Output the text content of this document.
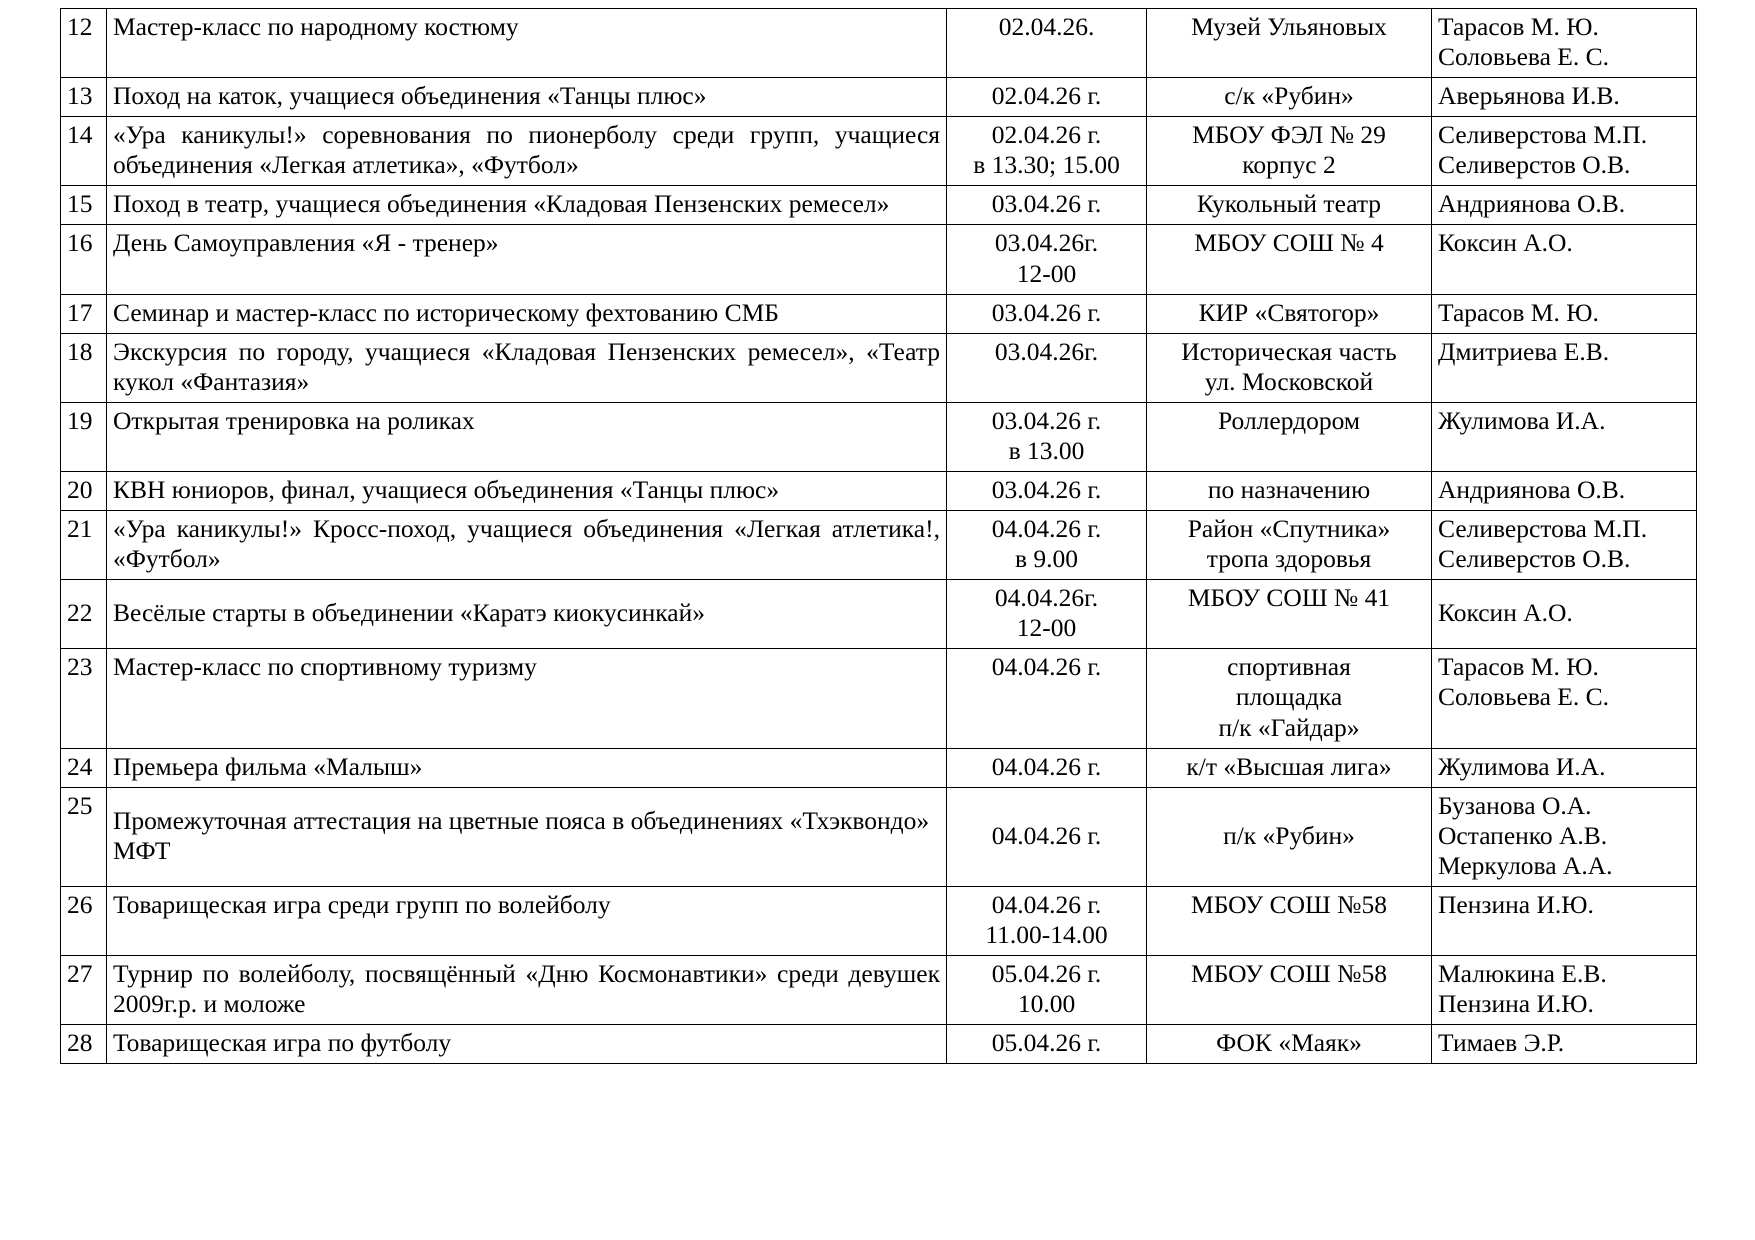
12	Мастер-класс по народному костюму	02.04.26.	Музей Ульяновых	Тарасов М. Ю.
Соловьева Е. С.

13	Поход на каток, учащиеся объединения «Танцы плюс»	02.04.26 г.	с/к «Рубин»	Аверьянова И.В.

14	«Ура каникулы!» соревнования по пионерболу среди групп, учащиеся объединения «Легкая атлетика», «Футбол»	02.04.26 г.
в 13.30; 15.00	МБОУ ФЭЛ № 29
корпус 2	Селиверстова М.П.
Селиверстов О.В.

15	Поход в театр, учащиеся объединения «Кладовая Пензенских ремесел»	03.04.26 г.	Кукольный театр	Андриянова О.В.

16	День Самоуправления «Я - тренер»	03.04.26г.
12-00	МБОУ СОШ № 4	Коксин А.О.

17	Семинар и мастер-класс по историческому фехтованию СМБ	03.04.26 г.	КИР «Святогор»	Тарасов М. Ю.

18	Экскурсия по городу, учащиеся «Кладовая Пензенских ремесел», «Театр кукол «Фантазия»	03.04.26г.	Историческая часть
ул. Московской	Дмитриева Е.В.

19	Открытая тренировка на роликах	03.04.26 г.
в 13.00	Роллердором	Жулимова И.А.

20	КВН юниоров, финал, учащиеся объединения «Танцы плюс»	03.04.26 г.	по назначению	Андриянова О.В.

21	«Ура каникулы!» Кросс-поход, учащиеся объединения «Легкая атлетика!, «Футбол»	04.04.26 г.
в 9.00	Район «Спутника»
тропа здоровья	Селиверстова М.П.
Селиверстов О.В.

22	Весёлые старты в объединении «Каратэ киокусинкай»	04.04.26г.
12-00	МБОУ СОШ № 41	Коксин А.О.

23	Мастер-класс по спортивному туризму	04.04.26 г.	спортивная
площадка
п/к «Гайдар»	Тарасов М. Ю.
Соловьева Е. С.

24	Премьера фильма «Малыш»	04.04.26 г.	к/т «Высшая лига»	Жулимова И.А.

25	Промежуточная аттестация на цветные пояса в объединениях «Тхэквондо» МФТ	04.04.26 г.	п/к «Рубин»	Бузанова О.А.
Остапенко А.В.
Меркулова А.А.

26	Товарищеская игра среди групп по волейболу	04.04.26 г.
11.00-14.00	МБОУ СОШ №58	Пензина И.Ю.

27	Турнир по волейболу, посвящённый «Дню Космонавтики» среди девушек 2009г.р. и моложе	05.04.26 г.
10.00	МБОУ СОШ №58	Малюкина Е.В.
Пензина И.Ю.

28	Товарищеская игра по футболу	05.04.26 г.	ФОК «Маяк»	Тимаев Э.Р.
